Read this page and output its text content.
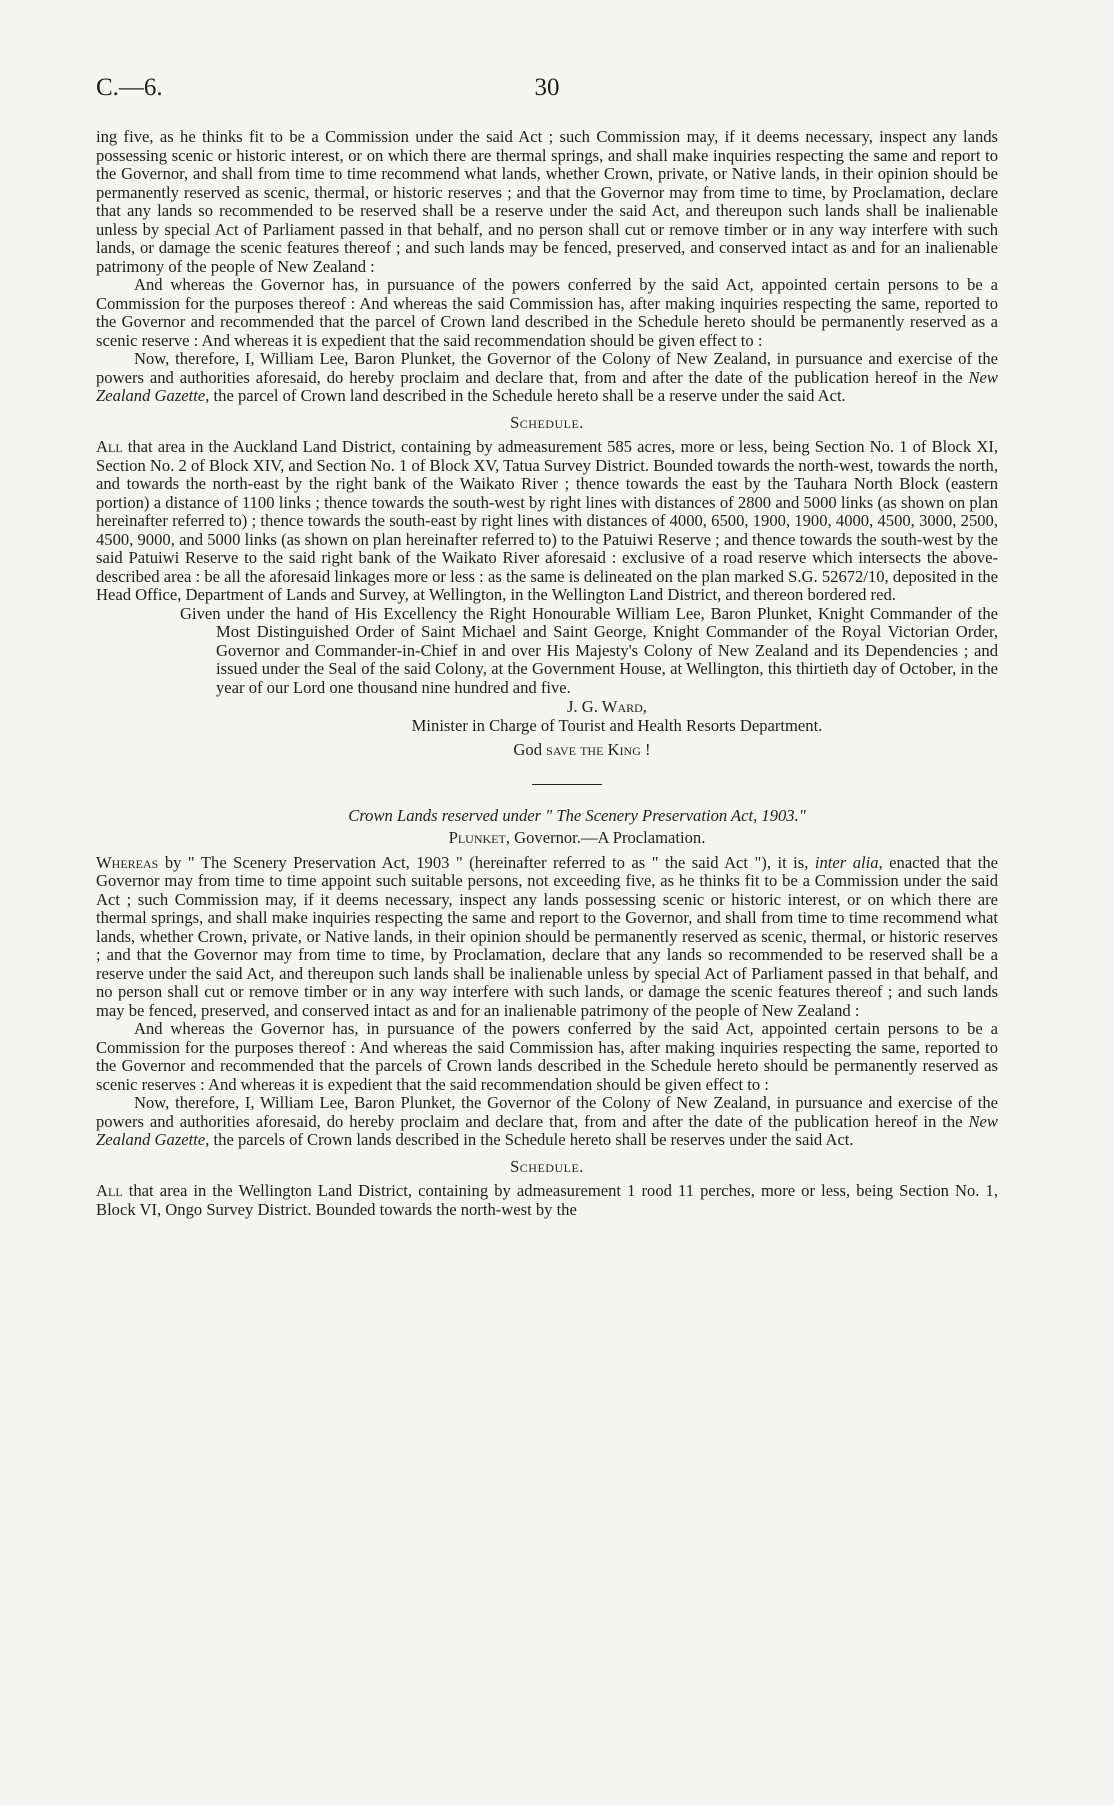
C.—6.	30

ing five, as he thinks fit to be a Commission under the said Act ; such Commission may, if it deems necessary, inspect any lands possessing scenic or historic interest, or on which there are thermal springs, and shall make inquiries respecting the same and report to the Governor, and shall from time to time recommend what lands, whether Crown, private, or Native lands, in their opinion should be permanently reserved as scenic, thermal, or historic reserves ; and that the Governor may from time to time, by Proclamation, declare that any lands so recommended to be reserved shall be a reserve under the said Act, and thereupon such lands shall be inalienable unless by special Act of Parliament passed in that behalf, and no person shall cut or remove timber or in any way interfere with such lands, or damage the scenic features thereof ; and such lands may be fenced, preserved, and conserved intact as and for an inalienable patrimony of the people of New Zealand :

And whereas the Governor has, in pursuance of the powers conferred by the said Act, appointed certain persons to be a Commission for the purposes thereof : And whereas the said Commission has, after making inquiries respecting the same, reported to the Governor and recommended that the parcel of Crown land described in the Schedule hereto should be permanently reserved as a scenic reserve : And whereas it is expedient that the said recommendation should be given effect to :

Now, therefore, I, William Lee, Baron Plunket, the Governor of the Colony of New Zealand, in pursuance and exercise of the powers and authorities aforesaid, do hereby proclaim and declare that, from and after the date of the publication hereof in the New Zealand Gazette, the parcel of Crown land described in the Schedule hereto shall be a reserve under the said Act.

Schedule.

All that area in the Auckland Land District, containing by admeasurement 585 acres, more or less, being Section No. 1 of Block XI, Section No. 2 of Block XIV, and Section No. 1 of Block XV, Tatua Survey District. Bounded towards the north-west, towards the north, and towards the north-east by the right bank of the Waikato River ; thence towards the east by the Tauhara North Block (eastern portion) a distance of 1100 links ; thence towards the south-west by right lines with distances of 2800 and 5000 links (as shown on plan hereinafter referred to) ; thence towards the south-east by right lines with distances of 4000, 6500, 1900, 1900, 4000, 4500, 3000, 2500, 4500, 9000, and 5000 links (as shown on plan hereinafter referred to) to the Patuiwi Reserve ; and thence towards the south-west by the said Patuiwi Reserve to the said right bank of the Waikato River aforesaid : exclusive of a road reserve which intersects the above-described area : be all the aforesaid linkages more or less : as the same is delineated on the plan marked S.G. 52672/10, deposited in the Head Office, Department of Lands and Survey, at Wellington, in the Wellington Land District, and thereon bordered red.

Given under the hand of His Excellency the Right Honourable William Lee, Baron Plunket, Knight Commander of the Most Distinguished Order of Saint Michael and Saint George, Knight Commander of the Royal Victorian Order, Governor and Commander-in-Chief in and over His Majesty's Colony of New Zealand and its Dependencies ; and issued under the Seal of the said Colony, at the Government House, at Wellington, this thirtieth day of October, in the year of our Lord one thousand nine hundred and five.

J. G. Ward,

Minister in Charge of Tourist and Health Resorts Department.

God save the King !

Crown Lands reserved under " The Scenery Preservation Act, 1903."

Plunket, Governor.—A Proclamation.

Whereas by " The Scenery Preservation Act, 1903 " (hereinafter referred to as " the said Act "), it is, inter alia, enacted that the Governor may from time to time appoint such suitable persons, not exceeding five, as he thinks fit to be a Commission under the said Act ; such Commission may, if it deems necessary, inspect any lands possessing scenic or historic interest, or on which there are thermal springs, and shall make inquiries respecting the same and report to the Governor, and shall from time to time recommend what lands, whether Crown, private, or Native lands, in their opinion should be permanently reserved as scenic, thermal, or historic reserves ; and that the Governor may from time to time, by Proclamation, declare that any lands so recommended to be reserved shall be a reserve under the said Act, and thereupon such lands shall be inalienable unless by special Act of Parliament passed in that behalf, and no person shall cut or remove timber or in any way interfere with such lands, or damage the scenic features thereof ; and such lands may be fenced, preserved, and conserved intact as and for an inalienable patrimony of the people of New Zealand :

And whereas the Governor has, in pursuance of the powers conferred by the said Act, appointed certain persons to be a Commission for the purposes thereof : And whereas the said Commission has, after making inquiries respecting the same, reported to the Governor and recommended that the parcels of Crown lands described in the Schedule hereto should be permanently reserved as scenic reserves : And whereas it is expedient that the said recommendation should be given effect to :

Now, therefore, I, William Lee, Baron Plunket, the Governor of the Colony of New Zealand, in pursuance and exercise of the powers and authorities aforesaid, do hereby proclaim and declare that, from and after the date of the publication hereof in the New Zealand Gazette, the parcels of Crown lands described in the Schedule hereto shall be reserves under the said Act.

Schedule.

All that area in the Wellington Land District, containing by admeasurement 1 rood 11 perches, more or less, being Section No. 1, Block VI, Ongo Survey District. Bounded towards the north-west by the
